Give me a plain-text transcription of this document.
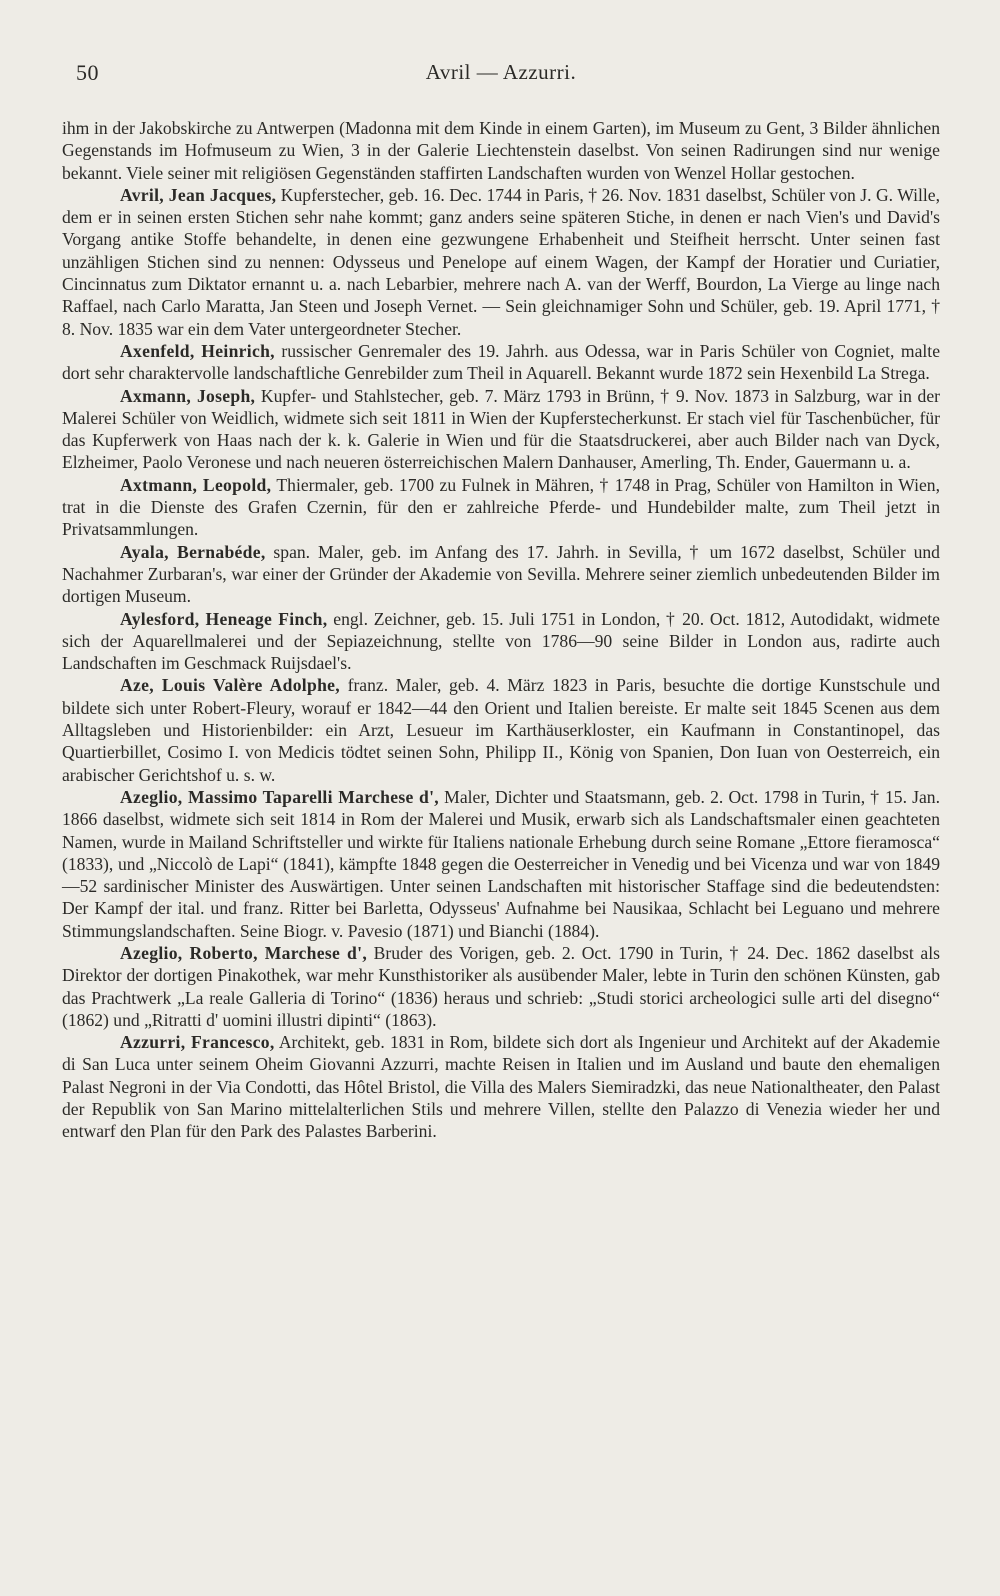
50	Avril — Azzurri.

ihm in der Jakobskirche zu Antwerpen (Madonna mit dem Kinde in einem Garten), im Museum zu Gent, 3 Bilder ähnlichen Gegenstands im Hofmuseum zu Wien, 3 in der Galerie Liechtenstein daselbst. Von seinen Radirungen sind nur wenige bekannt. Viele seiner mit religiösen Gegenständen staffirten Landschaften wurden von Wenzel Hollar gestochen.

Avril, Jean Jacques, Kupferstecher, geb. 16. Dec. 1744 in Paris, † 26. Nov. 1831 daselbst, Schüler von J. G. Wille, dem er in seinen ersten Stichen sehr nahe kommt; ganz anders seine späteren Stiche, in denen er nach Vien's und David's Vorgang antike Stoffe behandelte, in denen eine gezwungene Erhabenheit und Steifheit herrscht. Unter seinen fast unzähligen Stichen sind zu nennen: Odysseus und Penelope auf einem Wagen, der Kampf der Horatier und Curiatier, Cincinnatus zum Diktator ernannt u. a. nach Lebarbier, mehrere nach A. van der Werff, Bourdon, La Vierge au linge nach Raffael, nach Carlo Maratta, Jan Steen und Joseph Vernet. — Sein gleichnamiger Sohn und Schüler, geb. 19. April 1771, † 8. Nov. 1835 war ein dem Vater untergeordneter Stecher.

Axenfeld, Heinrich, russischer Genremaler des 19. Jahrh. aus Odessa, war in Paris Schüler von Cogniet, malte dort sehr charaktervolle landschaftliche Genrebilder zum Theil in Aquarell. Bekannt wurde 1872 sein Hexenbild La Strega.

Axmann, Joseph, Kupfer- und Stahlstecher, geb. 7. März 1793 in Brünn, † 9. Nov. 1873 in Salzburg, war in der Malerei Schüler von Weidlich, widmete sich seit 1811 in Wien der Kupferstecherkunst. Er stach viel für Taschenbücher, für das Kupferwerk von Haas nach der k. k. Galerie in Wien und für die Staatsdruckerei, aber auch Bilder nach van Dyck, Elzheimer, Paolo Veronese und nach neueren österreichischen Malern Danhauser, Amerling, Th. Ender, Gauermann u. a.

Axtmann, Leopold, Thiermaler, geb. 1700 zu Fulnek in Mähren, † 1748 in Prag, Schüler von Hamilton in Wien, trat in die Dienste des Grafen Czernin, für den er zahlreiche Pferde- und Hundebilder malte, zum Theil jetzt in Privatsammlungen.

Ayala, Bernabéde, span. Maler, geb. im Anfang des 17. Jahrh. in Sevilla, † um 1672 daselbst, Schüler und Nachahmer Zurbaran's, war einer der Gründer der Akademie von Sevilla. Mehrere seiner ziemlich unbedeutenden Bilder im dortigen Museum.

Aylesford, Heneage Finch, engl. Zeichner, geb. 15. Juli 1751 in London, † 20. Oct. 1812, Autodidakt, widmete sich der Aquarellmalerei und der Sepiazeichnung, stellte von 1786—90 seine Bilder in London aus, radirte auch Landschaften im Geschmack Ruijsdael's.

Aze, Louis Valère Adolphe, franz. Maler, geb. 4. März 1823 in Paris, besuchte die dortige Kunstschule und bildete sich unter Robert-Fleury, worauf er 1842—44 den Orient und Italien bereiste. Er malte seit 1845 Scenen aus dem Alltagsleben und Historienbilder: ein Arzt, Lesueur im Karthäuserkloster, ein Kaufmann in Constantinopel, das Quartierbillet, Cosimo I. von Medicis tödtet seinen Sohn, Philipp II., König von Spanien, Don Iuan von Oesterreich, ein arabischer Gerichtshof u. s. w.

Azeglio, Massimo Taparelli Marchese d', Maler, Dichter und Staatsmann, geb. 2. Oct. 1798 in Turin, † 15. Jan. 1866 daselbst, widmete sich seit 1814 in Rom der Malerei und Musik, erwarb sich als Landschaftsmaler einen geachteten Namen, wurde in Mailand Schriftsteller und wirkte für Italiens nationale Erhebung durch seine Romane „Ettore fieramosca“ (1833), und „Niccolò de Lapi“ (1841), kämpfte 1848 gegen die Oesterreicher in Venedig und bei Vicenza und war von 1849—52 sardinischer Minister des Auswärtigen. Unter seinen Landschaften mit historischer Staffage sind die bedeutendsten: Der Kampf der ital. und franz. Ritter bei Barletta, Odysseus' Aufnahme bei Nausikaa, Schlacht bei Leguano und mehrere Stimmungslandschaften. Seine Biogr. v. Pavesio (1871) und Bianchi (1884).

Azeglio, Roberto, Marchese d', Bruder des Vorigen, geb. 2. Oct. 1790 in Turin, † 24. Dec. 1862 daselbst als Direktor der dortigen Pinakothek, war mehr Kunsthistoriker als ausübender Maler, lebte in Turin den schönen Künsten, gab das Prachtwerk „La reale Galleria di Torino“ (1836) heraus und schrieb: „Studi storici archeologici sulle arti del disegno“ (1862) und „Ritratti d' uomini illustri dipinti“ (1863).

Azzurri, Francesco, Architekt, geb. 1831 in Rom, bildete sich dort als Ingenieur und Architekt auf der Akademie di San Luca unter seinem Oheim Giovanni Azzurri, machte Reisen in Italien und im Ausland und baute den ehemaligen Palast Negroni in der Via Condotti, das Hôtel Bristol, die Villa des Malers Siemiradzki, das neue Nationaltheater, den Palast der Republik von San Marino mittelalterlichen Stils und mehrere Villen, stellte den Palazzo di Venezia wieder her und entwarf den Plan für den Park des Palastes Barberini.
